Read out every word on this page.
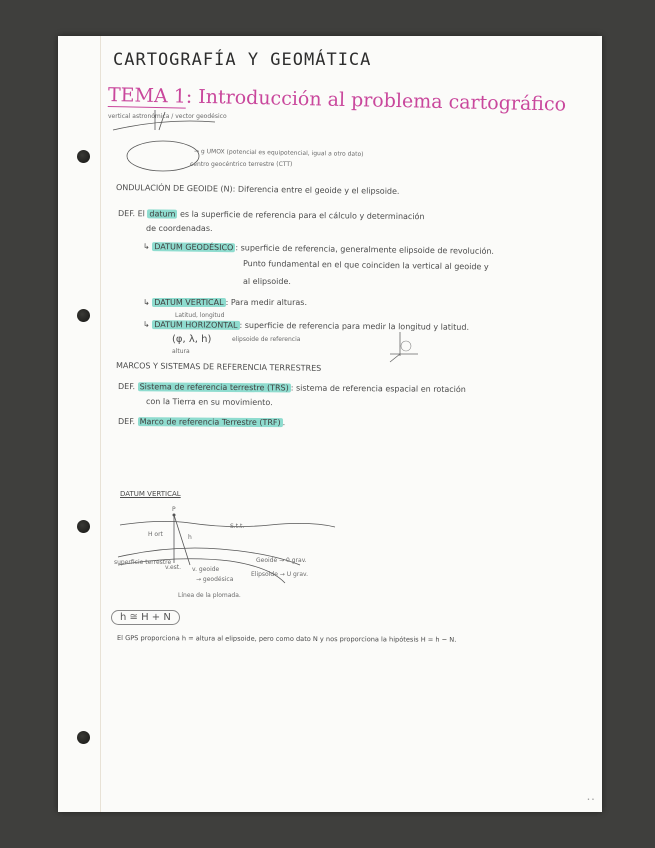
CARTOGRAFÍA Y GEOMÁTICA
TEMA 1: Introducción al problema cartográfico
vertical astronómica / vector geodésico
→ g UMOX (potencial es equipotencial, igual a otro dato)
centro geocéntrico terrestre (CTT)
ONDULACIÓN DE GEOIDE (N): Diferencia entre el geoide y el elipsoide.
DEF. El datum es la superficie de referencia para el cálculo y determinación
de coordenadas.
↳ DATUM GEODÉSICO : superficie de referencia, generalmente elipsoide de revolución.
Punto fundamental en el que coinciden la vertical al geoide y
al elipsoide.
↳ DATUM VERTICAL : Para medir alturas.
Latitud, longitud
↳ DATUM HORIZONTAL : superficie de referencia para medir la longitud y latitud.
(φ, λ, h)	elipsoide de referencia
altura
MARCOS Y SISTEMAS DE REFERENCIA TERRESTRES
DEF. Sistema de referencia terrestre (TRS) : sistema de referencia espacial en rotación
con la Tierra en su movimiento.
DEF. Marco de referencia Terrestre (TRF) .
DATUM VERTICAL
P
S.t.t.
H ort	h
superficie terrestre
v.est.
Geoide → 0 grav.
Elipsoide → U grav.
v. geoide
→ geodésica
Línea de la plomada.
h ≅ H + N
El GPS proporciona h = altura al elipsoide, pero como dato N y nos proporciona la hipótesis H = h − N.
• •
